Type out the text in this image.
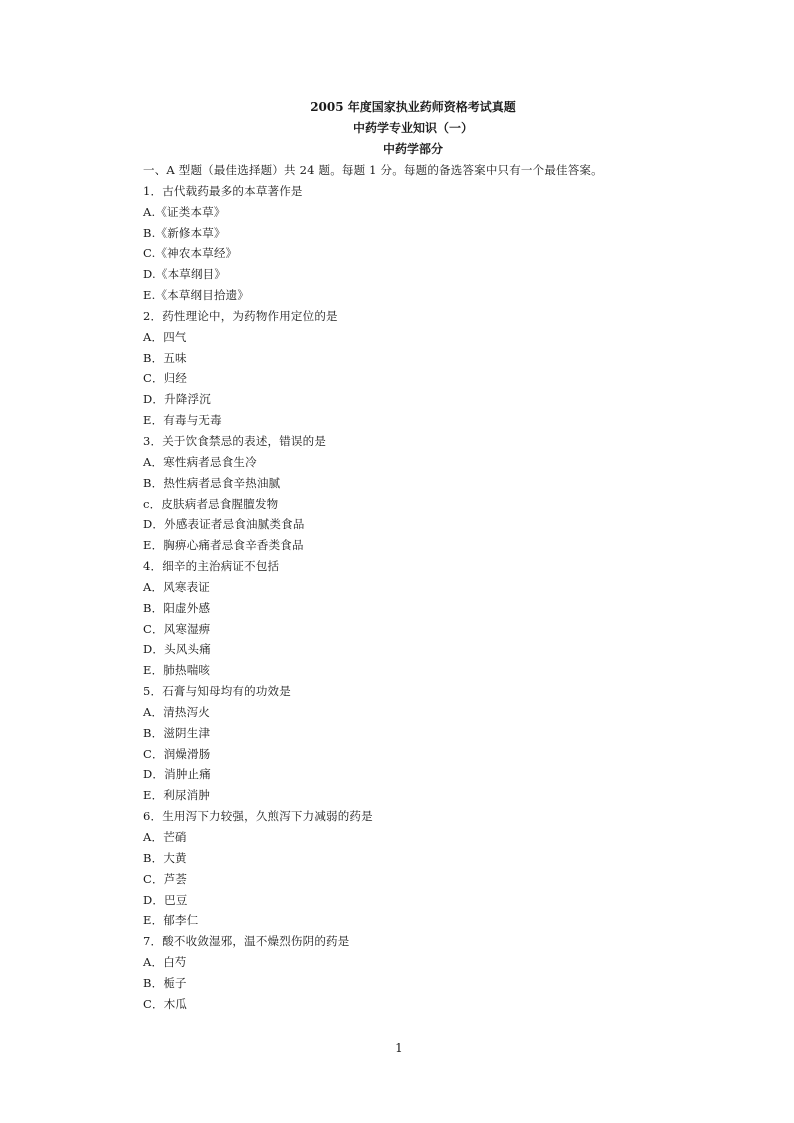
2005 年度国家执业药师资格考试真题
中药学专业知识（一）
中药学部分
一、A 型题（最佳选择题）共 24 题。每题 1 分。每题的备选答案中只有一个最佳答案。
1．古代载药最多的本草著作是
A.《证类本草》
B.《新修本草》
C.《神农本草经》
D.《本草纲目》
E.《本草纲目拾遗》
2．药性理论中，为药物作用定位的是
A．四气
B．五味
C．归经
D．升降浮沉
E．有毒与无毒
3．关于饮食禁忌的表述，错误的是
A．寒性病者忌食生冷
B．热性病者忌食辛热油腻
c．皮肤病者忌食腥膻发物
D．外感表证者忌食油腻类食品
E．胸痹心痛者忌食辛香类食品
4．细辛的主治病证不包括
A．风寒表证
B．阳虚外感
C．风寒湿痹
D．头风头痛
E．肺热喘咳
5．石膏与知母均有的功效是
A．清热泻火
B．滋阴生津
C．润燥滑肠
D．消肿止痛
E．利尿消肿
6．生用泻下力较强，久煎泻下力减弱的药是
A．芒硝
B．大黄
C．芦荟
D．巴豆
E．郁李仁
7．酸不收敛湿邪，温不燥烈伤阴的药是
A．白芍
B．栀子
C．木瓜
1
